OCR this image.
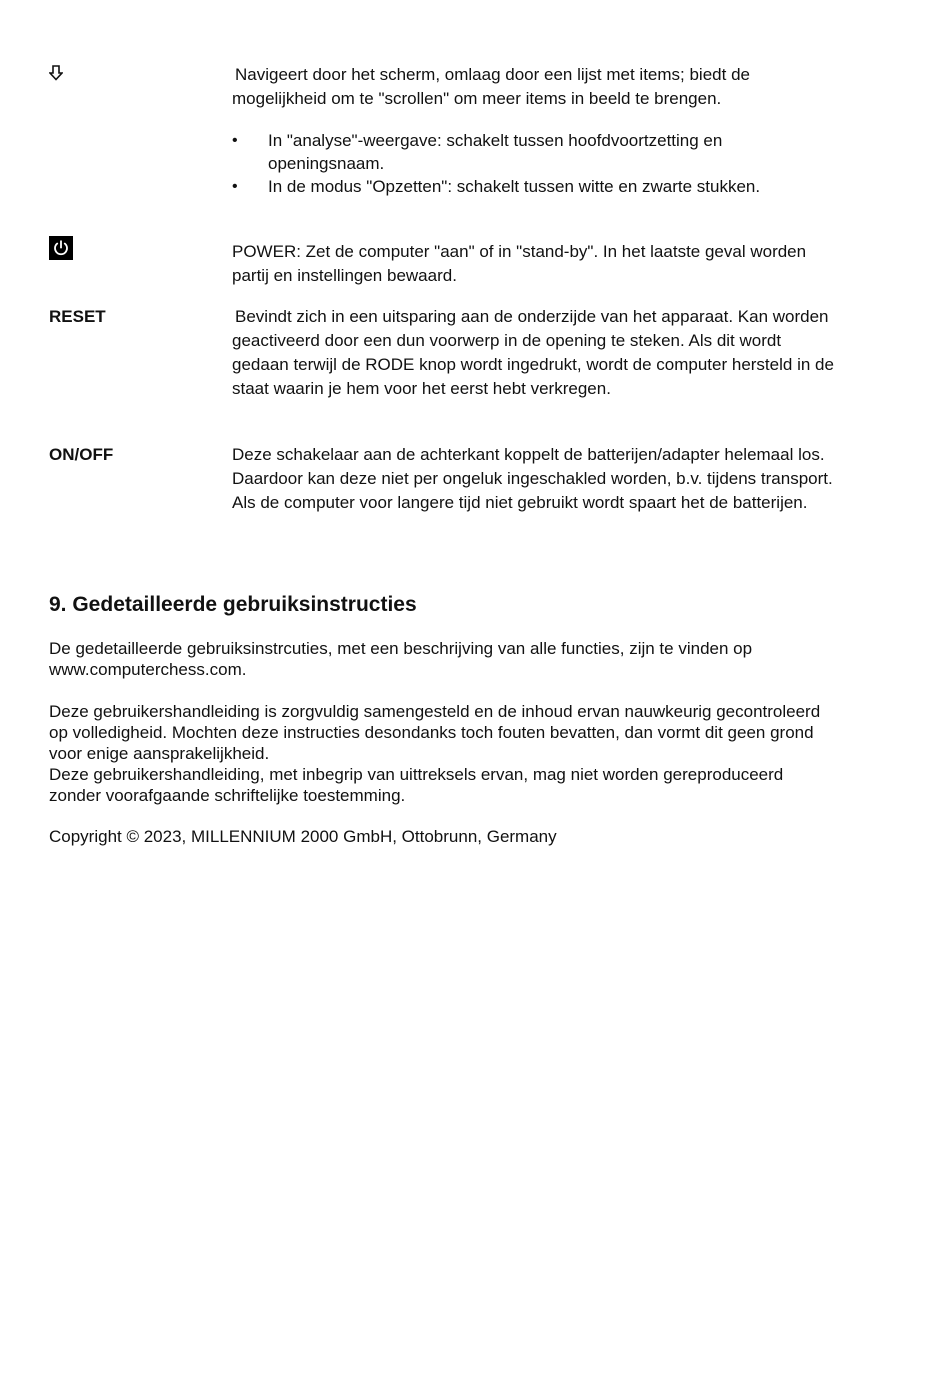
Navigeert door het scherm, omlaag door een lijst met items; biedt de mogelijkheid om te "scrollen" om meer items in beeld te brengen.
• In "analyse"-weergave: schakelt tussen hoofdvoortzetting en openingsnaam.
• In de modus "Opzetten": schakelt tussen witte en zwarte stukken.
POWER: Zet de computer "aan" of in "stand-by". In het laatste geval worden partij en instellingen bewaard.
RESET	Bevindt zich in een uitsparing aan de onderzijde van het apparaat. Kan worden geactiveerd door een dun voorwerp in de opening te steken. Als dit wordt gedaan terwijl de RODE knop wordt ingedrukt, wordt de computer hersteld in de staat waarin je hem voor het eerst hebt verkregen.
ON/OFF	Deze schakelaar aan de achterkant koppelt de batterijen/adapter helemaal los. Daardoor kan deze niet per ongeluk ingeschakled worden, b.v. tijdens transport. Als de computer voor langere tijd niet gebruikt wordt spaart het de batterijen.
9. Gedetailleerde gebruiksinstructies
De gedetailleerde gebruiksinstrcuties, met een beschrijving van alle functies, zijn te vinden op www.computerchess.com.
Deze gebruikershandleiding is zorgvuldig samengesteld en de inhoud ervan nauwkeurig gecontroleerd op volledigheid. Mochten deze instructies desondanks toch fouten bevatten, dan vormt dit geen grond voor enige aansprakelijkheid.
Deze gebruikershandleiding, met inbegrip van uittreksels ervan, mag niet worden gereproduceerd zonder voorafgaande schriftelijke toestemming.
Copyright © 2023, MILLENNIUM 2000 GmbH, Ottobrunn, Germany
